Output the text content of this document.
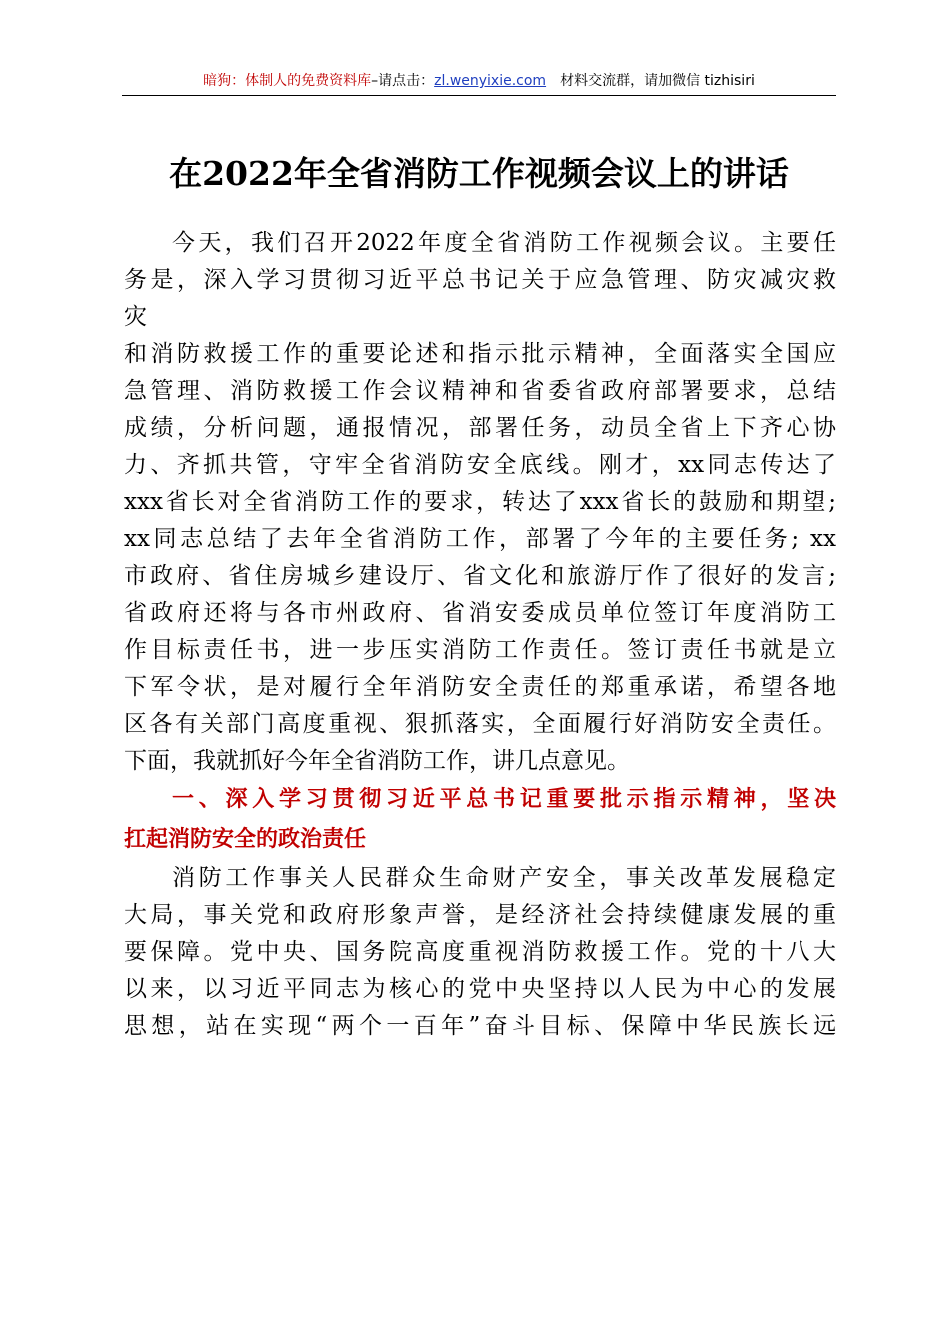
暗狗：体制人的免费资料库–请点击：zl.wenyixie.com 材料交流群，请加微信 tizhisiri
在2022年全省消防工作视频会议上的讲话
今天，我们召开2022年度全省消防工作视频会议。主要任
务是，深入学习贯彻习近平总书记关于应急管理、防灾减灾救
灾
和消防救援工作的重要论述和指示批示精神，全面落实全国应
急管理、消防救援工作会议精神和省委省政府部署要求，总结
成绩，分析问题，通报情况，部署任务，动员全省上下齐心协
力、齐抓共管，守牢全省消防安全底线。刚才，xx同志传达了
xxx省长对全省消防工作的要求，转达了xxx省长的鼓励和期望;
xx同志总结了去年全省消防工作，部署了今年的主要任务; xx
市政府、省住房城乡建设厅、省文化和旅游厅作了很好的发言;
省政府还将与各市州政府、省消安委成员单位签订年度消防工
作目标责任书，进一步压实消防工作责任。签订责任书就是立
下军令状，是对履行全年消防安全责任的郑重承诺，希望各地
区各有关部门高度重视、狠抓落实，全面履行好消防安全责任。
下面，我就抓好今年全省消防工作，讲几点意见。
一、深入学习贯彻习近平总书记重要批示指示精神，坚决
扛起消防安全的政治责任
消防工作事关人民群众生命财产安全，事关改革发展稳定
大局，事关党和政府形象声誉，是经济社会持续健康发展的重
要保障。党中央、国务院高度重视消防救援工作。党的十八大
以来，以习近平同志为核心的党中央坚持以人民为中心的发展
思想，站在实现“两个一百年”奋斗目标、保障中华民族长远
